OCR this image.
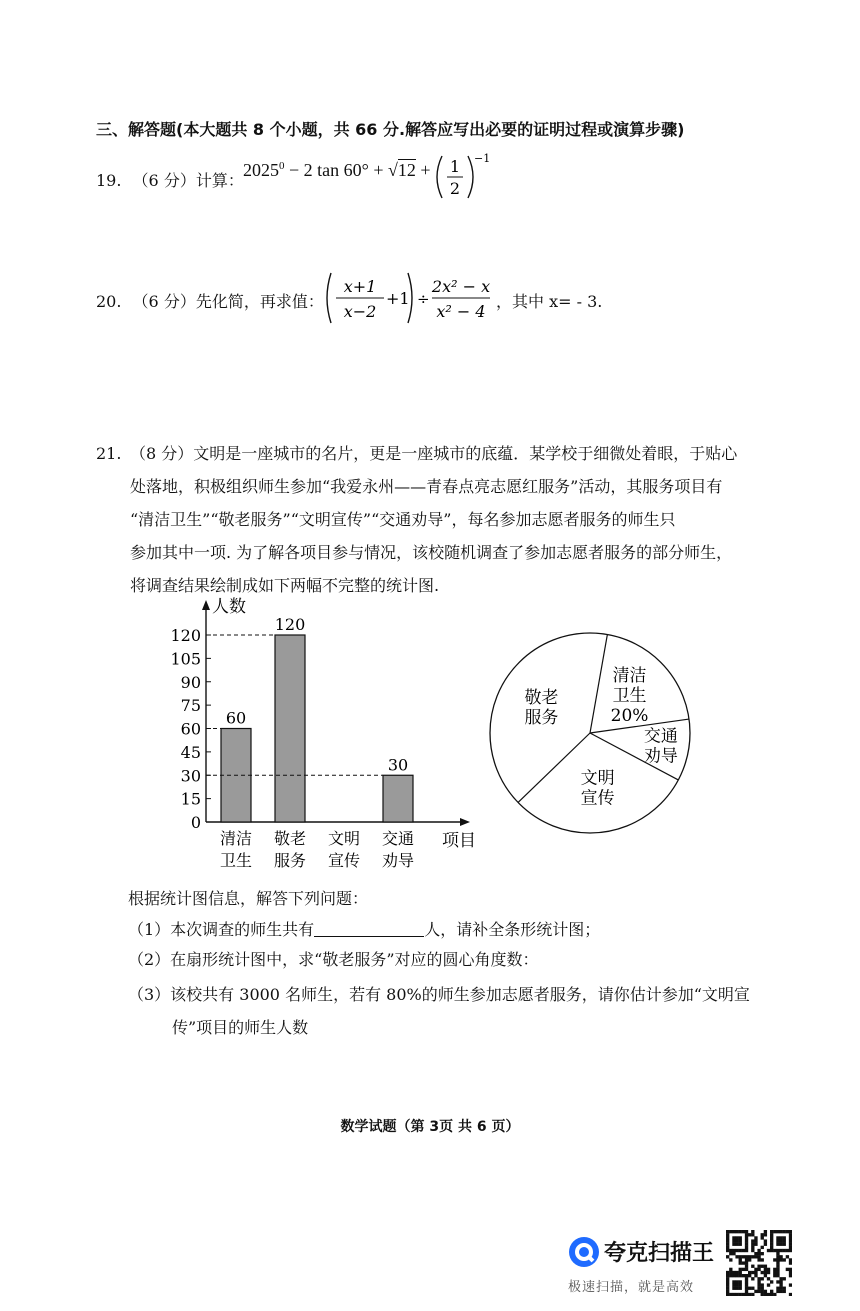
三、解答题(本大题共 8 个小题，共 66 分.解答应写出必要的证明过程或演算步骤)
19. （6 分）计算：
$2025^0 - 2$ tan 60° + √12 + 1
2
−1
20. （6 分）先化简，再求值：
x+1
x−2
+1 ÷
2x² − x
x² − 4
，其中 x= - 3.
21. （8 分）文明是一座城市的名片，更是一座城市的底蕴．某学校于细微处着眼，于贴心
处落地，积极组织师生参加“我爱永州——青春点亮志愿红服务”活动，其服务项目有
“清洁卫生”“敬老服务”“文明宣传”“交通劝导”，每名参加志愿者服务的师生只
参加其中一项. 为了解各项目参与情况，该校随机调查了参加志愿者服务的部分师生，
将调查结果绘制成如下两幅不完整的统计图.
人数
项目
0
15
30
45
60
75
90
105
120
60
清洁
卫生
120
敬老
服务
文明
宣传
30
交通
劝导
清洁
卫生
20%
交通
劝导
文明
宣传
敬老
服务
根据统计图信息，解答下列问题：
（1）本次调查的师生共有	人，请补全条形统计图；
（2）在扇形统计图中，求“敬老服务”对应的圆心角度数：
（3）该校共有 3000 名师生，若有 80%的师生参加志愿者服务，请你估计参加“文明宣
传”项目的师生人数
数学试题（第 3页 共 6 页）
夸克扫描王
极速扫描，就是高效
